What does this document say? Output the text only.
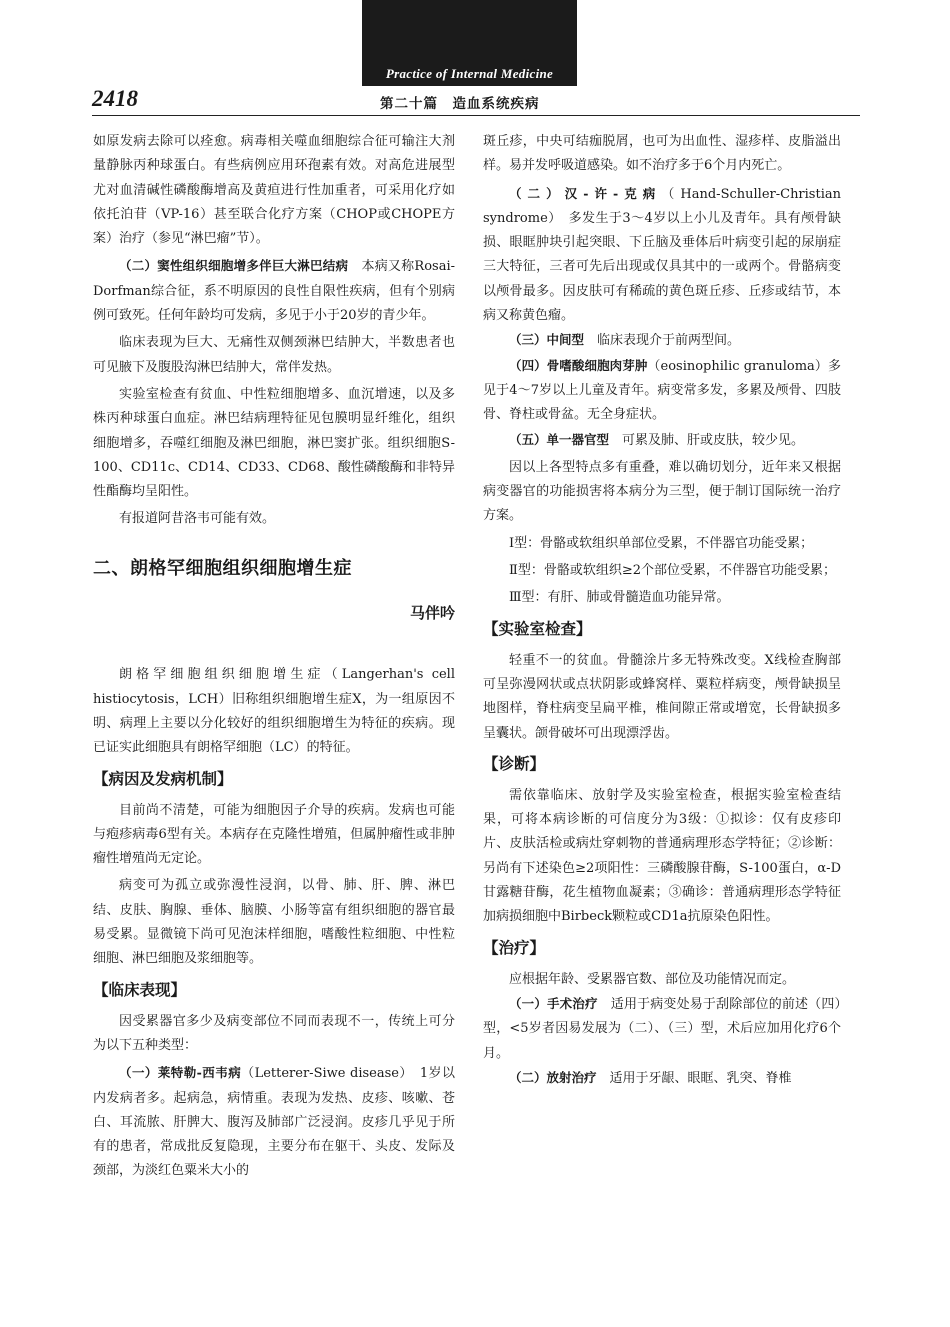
Practice of Internal Medicine
2418	第二十篇　造血系统疾病

如原发病去除可以痊愈。病毒相关噬血细胞综合征可输注大剂量静脉丙种球蛋白。有些病例应用环孢素有效。对高危进展型尤对血清碱性磷酸酶增高及黄疸进行性加重者，可采用化疗如依托泊苷（VP-16）甚至联合化疗方案（CHOP或CHOPE方案）治疗（参见“淋巴瘤”节）。

（二）窦性组织细胞增多伴巨大淋巴结病　本病又称Rosai-Dorfman综合征，系不明原因的良性自限性疾病，但有个别病例可致死。任何年龄均可发病，多见于小于20岁的青少年。

临床表现为巨大、无痛性双侧颈淋巴结肿大，半数患者也可见腋下及腹股沟淋巴结肿大，常伴发热。

实验室检查有贫血、中性粒细胞增多、血沉增速，以及多株丙种球蛋白血症。淋巴结病理特征见包膜明显纤维化，组织细胞增多，吞噬红细胞及淋巴细胞，淋巴窦扩张。组织细胞S-100、CD11c、CD14、CD33、CD68、酸性磷酸酶和非特异性酯酶均呈阳性。

有报道阿昔洛韦可能有效。

二、朗格罕细胞组织细胞增生症
马伴吟

朗格罕细胞组织细胞增生症（Langerhan's cell histiocytosis，LCH）旧称组织细胞增生症X，为一组原因不明、病理上主要以分化较好的组织细胞增生为特征的疾病。现已证实此细胞具有朗格罕细胞（LC）的特征。

【病因及发病机制】

目前尚不清楚，可能为细胞因子介导的疾病。发病也可能与疱疹病毒6型有关。本病存在克隆性增殖，但属肿瘤性或非肿瘤性增殖尚无定论。

病变可为孤立或弥漫性浸润，以骨、肺、肝、脾、淋巴结、皮肤、胸腺、垂体、脑膜、小肠等富有组织细胞的器官最易受累。显微镜下尚可见泡沫样细胞，嗜酸性粒细胞、中性粒细胞、淋巴细胞及浆细胞等。

【临床表现】

因受累器官多少及病变部位不同而表现不一，传统上可分为以下五种类型：

（一）莱特勒-西韦病（Letterer-Siwe disease）　1岁以内发病者多。起病急，病情重。表现为发热、皮疹、咳嗽、苍白、耳流脓、肝脾大、腹泻及肺部广泛浸润。皮疹几乎见于所有的患者，常成批反复隐现，主要分布在躯干、头皮、发际及颈部，为淡红色粟米大小的

斑丘疹，中央可结痂脱屑，也可为出血性、湿疹样、皮脂溢出样。易并发呼吸道感染。如不治疗多于6个月内死亡。

（二）汉-许-克病（Hand-Schuller-Christian syndrome）　多发生于3～4岁以上小儿及青年。具有颅骨缺损、眼眶肿块引起突眼、下丘脑及垂体后叶病变引起的尿崩症三大特征，三者可先后出现或仅具其中的一或两个。骨骼病变以颅骨最多。因皮肤可有稀疏的黄色斑丘疹、丘疹或结节，本病又称黄色瘤。

（三）中间型　临床表现介于前两型间。

（四）骨嗜酸细胞肉芽肿（eosinophilic granuloma）多见于4～7岁以上儿童及青年。病变常多发，多累及颅骨、四肢骨、脊柱或骨盆。无全身症状。

（五）单一器官型　可累及肺、肝或皮肤，较少见。

因以上各型特点多有重叠，难以确切划分，近年来又根据病变器官的功能损害将本病分为三型，便于制订国际统一治疗方案。

Ⅰ型：骨骼或软组织单部位受累，不伴器官功能受累；

Ⅱ型：骨骼或软组织≥2个部位受累，不伴器官功能受累；

Ⅲ型：有肝、肺或骨髓造血功能异常。

【实验室检查】

轻重不一的贫血。骨髓涂片多无特殊改变。X线检查胸部可呈弥漫网状或点状阴影或蜂窝样、粟粒样病变，颅骨缺损呈地图样，脊柱病变呈扁平椎，椎间隙正常或增宽，长骨缺损多呈囊状。颌骨破坏可出现漂浮齿。

【诊断】

需依靠临床、放射学及实验室检查，根据实验室检查结果，可将本病诊断的可信度分为3级：①拟诊：仅有皮疹印片、皮肤活检或病灶穿刺物的普通病理形态学特征；②诊断：另尚有下述染色≥2项阳性：三磷酸腺苷酶，S-100蛋白，α-D甘露糖苷酶，花生植物血凝素；③确诊：普通病理形态学特征加病损细胞中Birbeck颗粒或CD1a抗原染色阳性。

【治疗】

应根据年龄、受累器官数、部位及功能情况而定。

（一）手术治疗　适用于病变处易于刮除部位的前述（四）型，<5岁者因易发展为（二）、（三）型，术后应加用化疗6个月。

（二）放射治疗　适用于牙龈、眼眶、乳突、脊椎
